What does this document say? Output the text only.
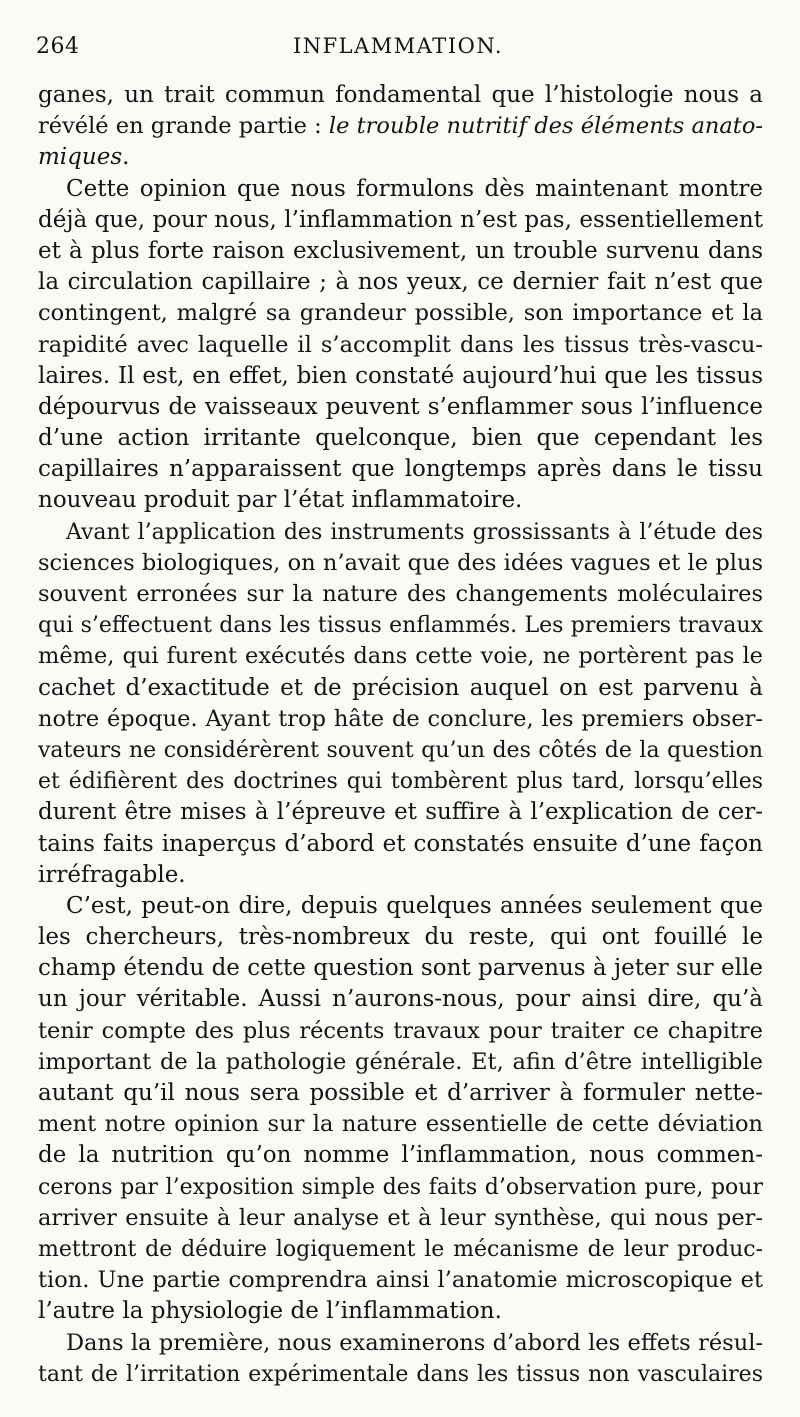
264	INFLAMMATION.
ganes, un trait commun fondamental que l’histologie nous a
révélé en grande partie : le trouble nutritif des éléments anato-
miques.
Cette opinion que nous formulons dès maintenant montre
déjà que, pour nous, l’inflammation n’est pas, essentiellement
et à plus forte raison exclusivement, un trouble survenu dans
la circulation capillaire ; à nos yeux, ce dernier fait n’est que
contingent, malgré sa grandeur possible, son importance et la
rapidité avec laquelle il s’accomplit dans les tissus très-vascu-
laires. Il est, en effet, bien constaté aujourd’hui que les tissus
dépourvus de vaisseaux peuvent s’enflammer sous l’influence
d’une action irritante quelconque, bien que cependant les
capillaires n’apparaissent que longtemps après dans le tissu
nouveau produit par l’état inflammatoire.
Avant l’application des instruments grossissants à l’étude des
sciences biologiques, on n’avait que des idées vagues et le plus
souvent erronées sur la nature des changements moléculaires
qui s’effectuent dans les tissus enflammés. Les premiers travaux
même, qui furent exécutés dans cette voie, ne portèrent pas le
cachet d’exactitude et de précision auquel on est parvenu à
notre époque. Ayant trop hâte de conclure, les premiers obser-
vateurs ne considérèrent souvent qu’un des côtés de la question
et édifièrent des doctrines qui tombèrent plus tard, lorsqu’elles
durent être mises à l’épreuve et suffire à l’explication de cer-
tains faits inaperçus d’abord et constatés ensuite d’une façon
irréfragable.
C’est, peut-on dire, depuis quelques années seulement que
les chercheurs, très-nombreux du reste, qui ont fouillé le
champ étendu de cette question sont parvenus à jeter sur elle
un jour véritable. Aussi n’aurons-nous, pour ainsi dire, qu’à
tenir compte des plus récents travaux pour traiter ce chapitre
important de la pathologie générale. Et, afin d’être intelligible
autant qu’il nous sera possible et d’arriver à formuler nette-
ment notre opinion sur la nature essentielle de cette déviation
de la nutrition qu’on nomme l’inflammation, nous commen-
cerons par l’exposition simple des faits d’observation pure, pour
arriver ensuite à leur analyse et à leur synthèse, qui nous per-
mettront de déduire logiquement le mécanisme de leur produc-
tion. Une partie comprendra ainsi l’anatomie microscopique et
l’autre la physiologie de l’inflammation.
Dans la première, nous examinerons d’abord les effets résul-
tant de l’irritation expérimentale dans les tissus non vasculaires
